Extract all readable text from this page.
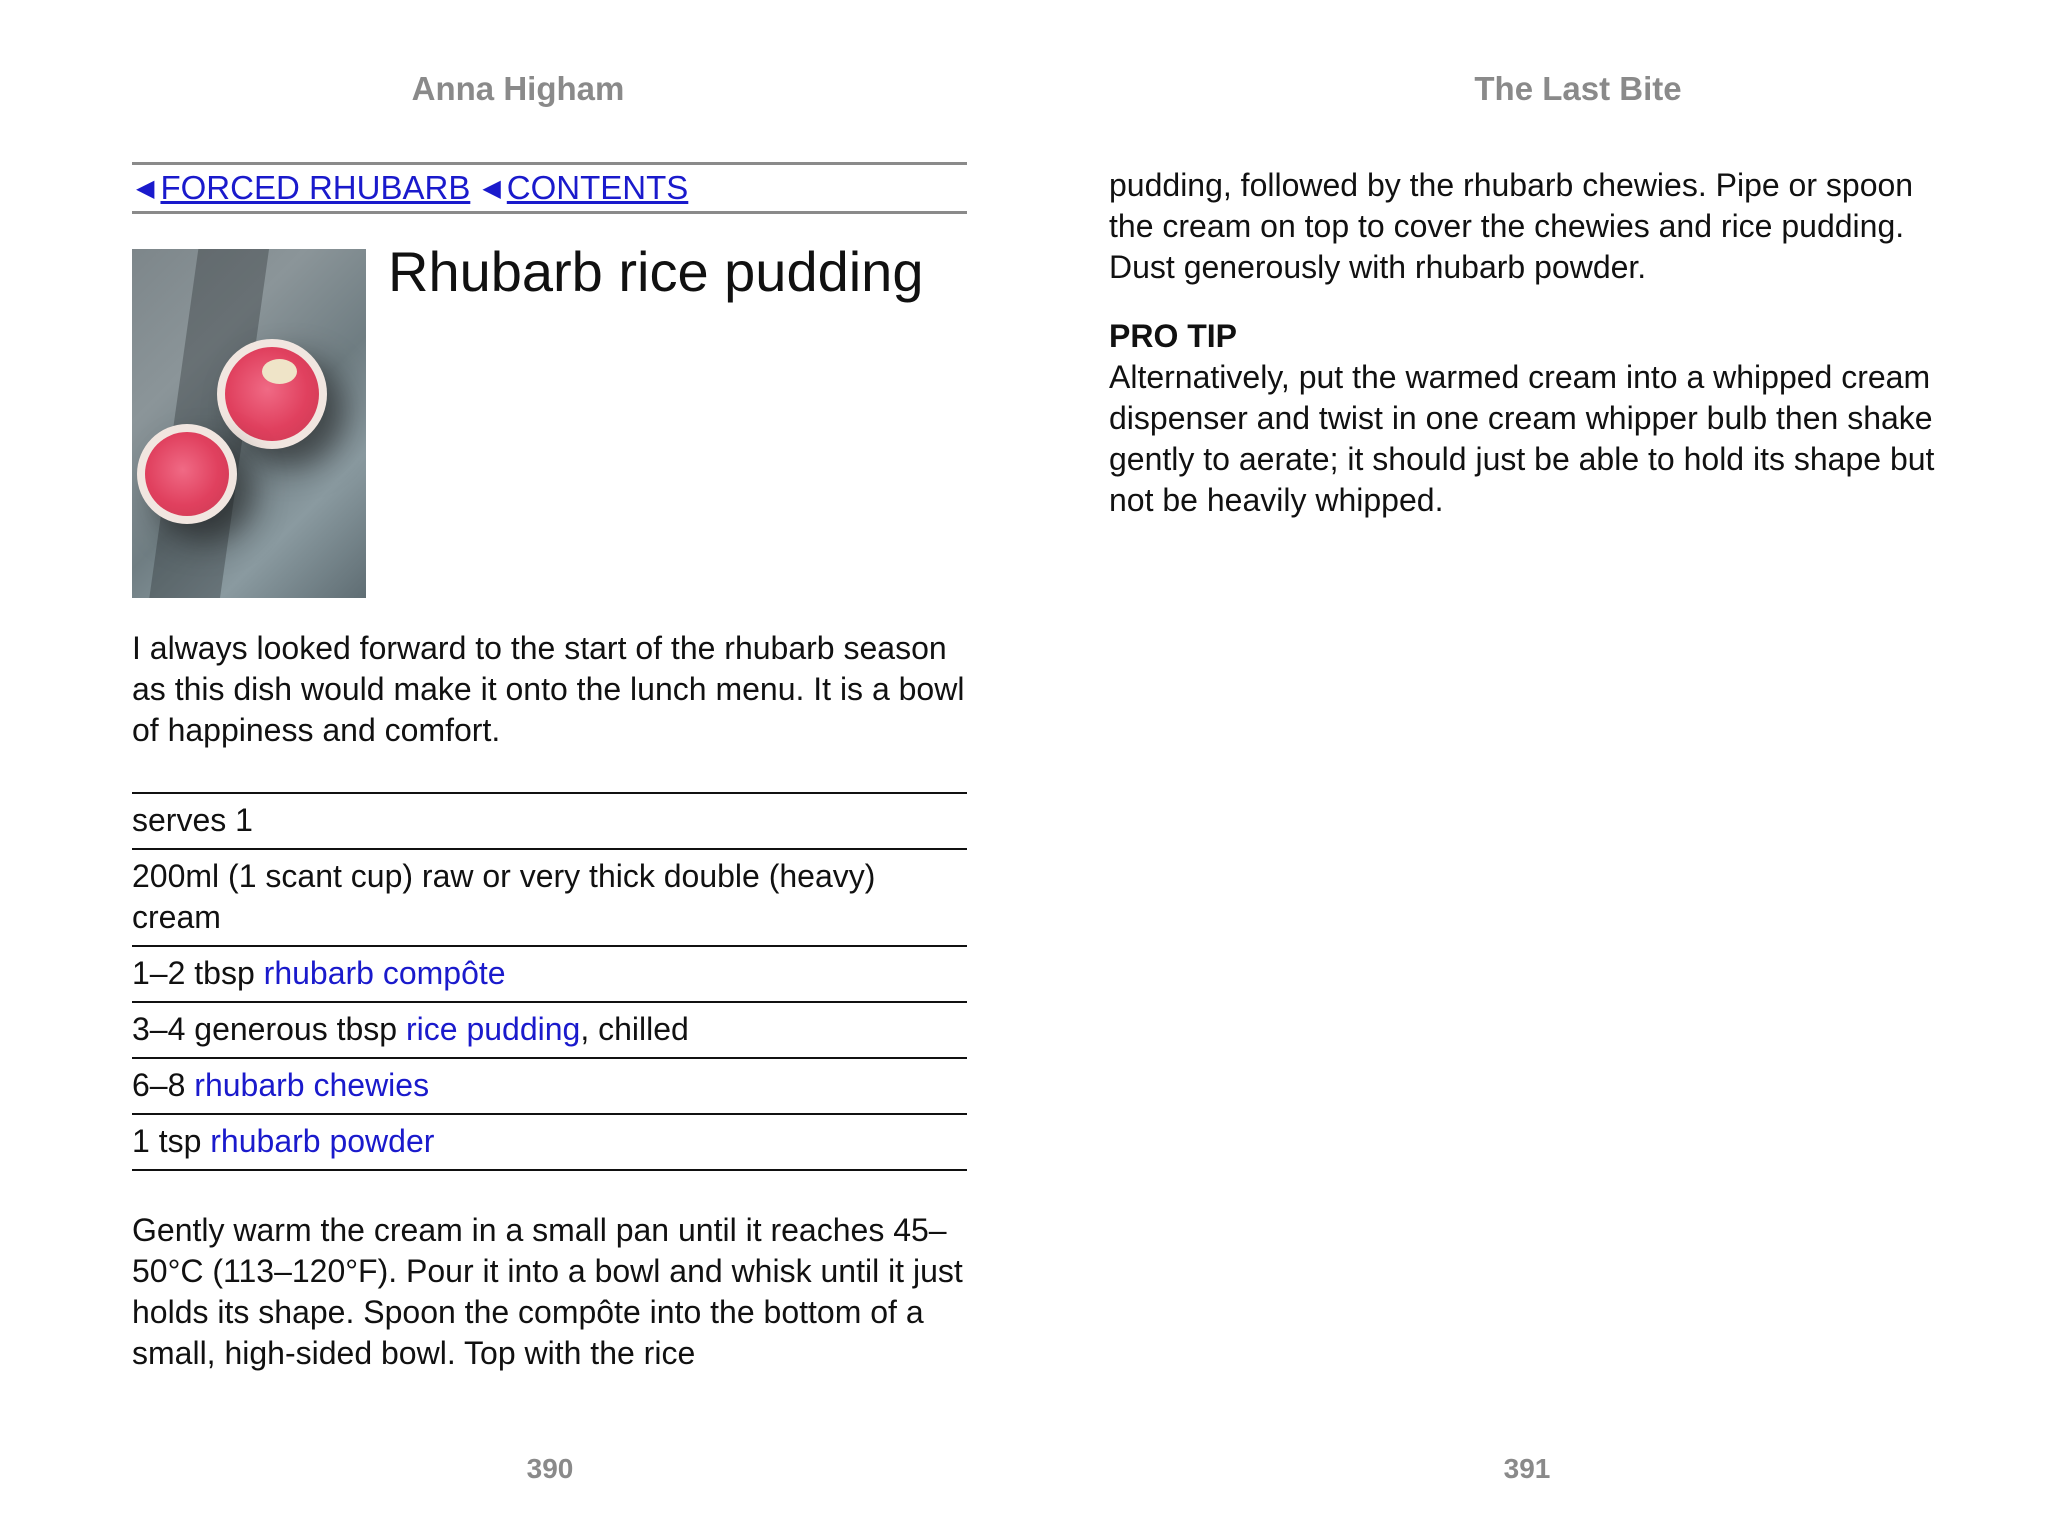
Anna Higham
◀ FORCED RHUBARB ◀ CONTENTS
Rhubarb rice pudding

I always looked forward to the start of the rhubarb season as this dish would make it onto the lunch menu. It is a bowl of happiness and comfort.

serves 1
200ml (1 scant cup) raw or very thick double (heavy) cream
1–2 tbsp rhubarb compôte
3–4 generous tbsp rice pudding, chilled
6–8 rhubarb chewies
1 tsp rhubarb powder

Gently warm the cream in a small pan until it reaches 45–50°C (113–120°F). Pour it into a bowl and whisk until it just holds its shape. Spoon the compôte into the bottom of a small, high-sided bowl. Top with the rice

390
The Last Bite

pudding, followed by the rhubarb chewies. Pipe or spoon the cream on top to cover the chewies and rice pudding. Dust generously with rhubarb powder.

PRO TIP

Alternatively, put the warmed cream into a whipped cream dispenser and twist in one cream whipper bulb then shake gently to aerate; it should just be able to hold its shape but not be heavily whipped.

391
